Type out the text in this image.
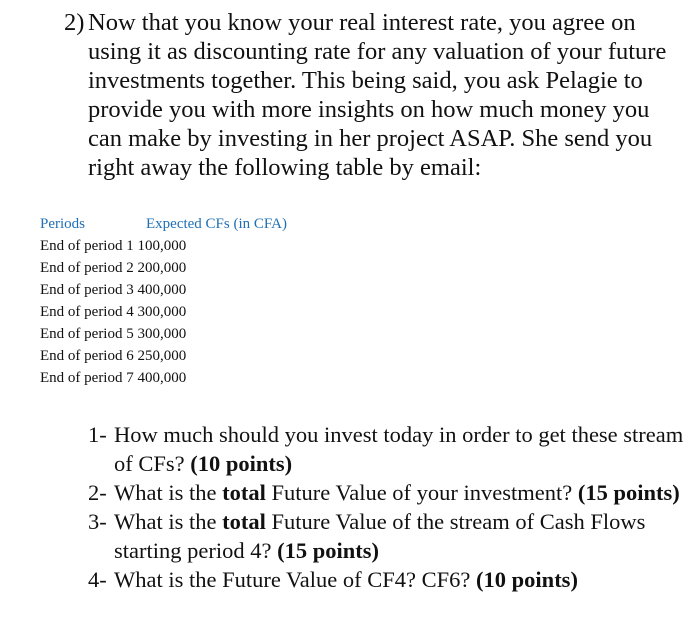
2) Now that you know your real interest rate, you agree on using it as discounting rate for any valuation of your future investments together. This being said, you ask Pelagie to provide you with more insights on how much money you can make by investing in her project ASAP. She send you right away the following table by email:
Periods	Expected CFs (in CFA)
End of period 1 100,000
End of period 2 200,000
End of period 3 400,000
End of period 4 300,000
End of period 5 300,000
End of period 6 250,000
End of period 7 400,000
1- How much should you invest today in order to get these stream of CFs? (10 points)
2- What is the total Future Value of your investment? (15 points)
3- What is the total Future Value of the stream of Cash Flows starting period 4? (15 points)
4- What is the Future Value of CF4? CF6? (10 points)
